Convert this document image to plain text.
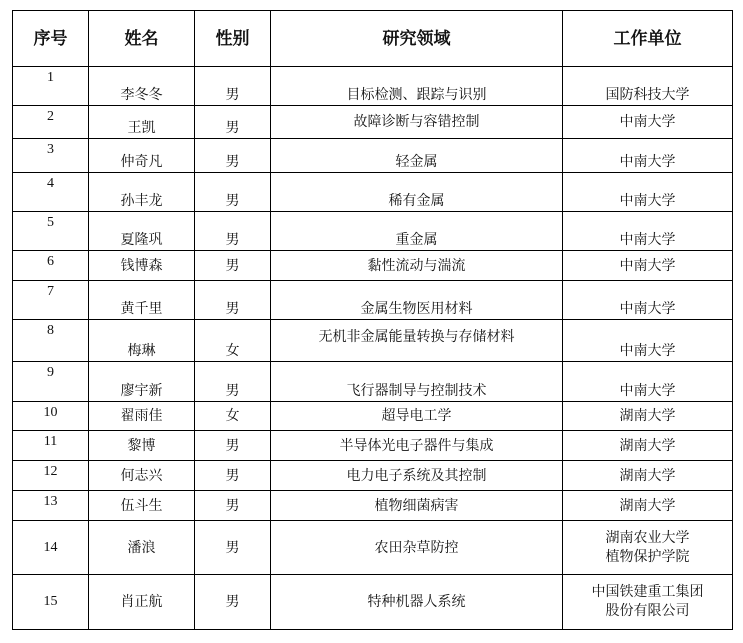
序号	姓名	性别	研究领域	工作单位
1	李冬冬	男	目标检测、跟踪与识别	国防科技大学
2	王凯	男	故障诊断与容错控制	中南大学
3	仲奇凡	男	轻金属	中南大学
4	孙丰龙	男	稀有金属	中南大学
5	夏隆巩	男	重金属	中南大学
6	钱博森	男	黏性流动与湍流	中南大学
7	黄千里	男	金属生物医用材料	中南大学
8	梅琳	女	无机非金属能量转换与存储材料	中南大学
9	廖宇新	男	飞行器制导与控制技术	中南大学
10	翟雨佳	女	超导电工学	湖南大学
11	黎博	男	半导体光电子器件与集成	湖南大学
12	何志兴	男	电力电子系统及其控制	湖南大学
13	伍斗生	男	植物细菌病害	湖南大学
14	潘浪	男	农田杂草防控	湖南农业大学
植物保护学院

15	肖正航	男	特种机器人系统	中国铁建重工集团
股份有限公司
